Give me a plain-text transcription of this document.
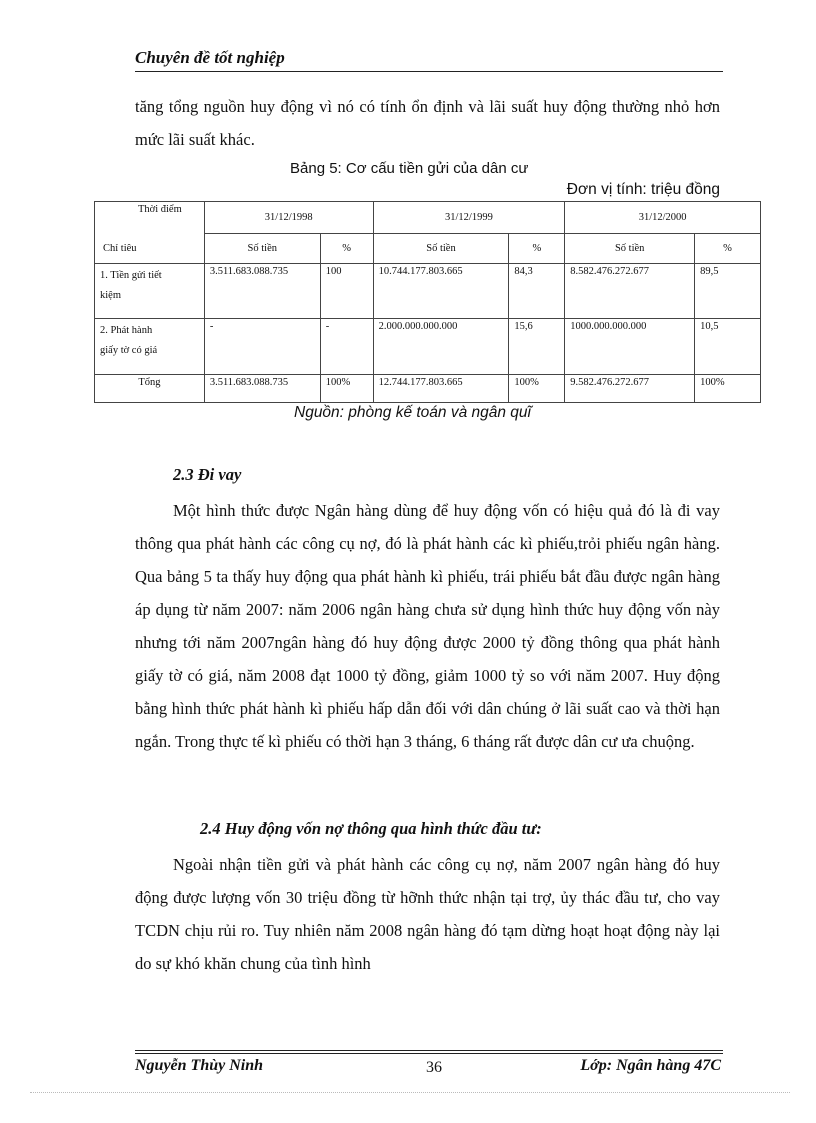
Chuyên đề tốt nghiệp
tăng tổng nguồn huy động vì nó có tính ổn định và lãi suất huy động thường nhỏ hơn mức lãi suất khác.
Bảng 5: Cơ cấu tiền gửi của dân cư
Đơn vị tính: triệu đồng
Thời điểm	31/12/1998		31/12/1999		31/12/2000	
Chỉ tiêu	Số tiền	%	Số tiền	%	Số tiền	%

1. Tiền gửi tiết
kiệm	3.511.683.088.735	100	10.744.177.803.665	84,3	8.582.476.272.677	89,5

2. Phát hành
giấy tờ có giá	-	-	2.000.000.000.000	15,6	1000.000.000.000	10,5
Tổng	3.511.683.088.735	100%	12.744.177.803.665	100%	9.582.476.272.677	100%
Nguồn: phòng kế toán và ngân quĩ
2.3 Đi vay
Một hình thức được Ngân hàng dùng để huy động vốn có hiệu quả đó là đi vay thông qua phát hành các công cụ nợ, đó là phát hành các kì phiếu,trỏi phiếu ngân hàng. Qua bảng 5 ta thấy huy động qua phát hành kì phiếu, trái phiếu bắt đầu được ngân hàng áp dụng từ năm 2007: năm 2006 ngân hàng chưa sử dụng hình thức huy động vốn này nhưng tới năm 2007ngân hàng đó huy động được 2000 tỷ đồng thông qua phát hành giấy tờ có giá, năm 2008 đạt 1000 tỷ đồng, giảm 1000 tỷ so với năm 2007. Huy động bằng hình thức phát hành kì phiếu hấp dẫn đối với dân chúng ở lãi suất cao và thời hạn ngắn. Trong thực tế kì phiếu có thời hạn 3 tháng, 6 tháng rất được dân cư ưa chuộng.
2.4 Huy động vốn nợ thông qua hình thức đầu tư:
Ngoài nhận tiền gửi và phát hành các công cụ nợ, năm 2007 ngân hàng đó huy động được lượng vốn 30 triệu đồng từ hỡnh thức nhận tại trợ, ủy thác đầu tư, cho vay TCDN chịu rủi ro. Tuy nhiên năm 2008 ngân hàng đó tạm dừng hoạt hoạt động này lại do sự khó khăn chung của tình hình
Nguyễn Thùy Ninh	36	Lớp: Ngân hàng 47C
